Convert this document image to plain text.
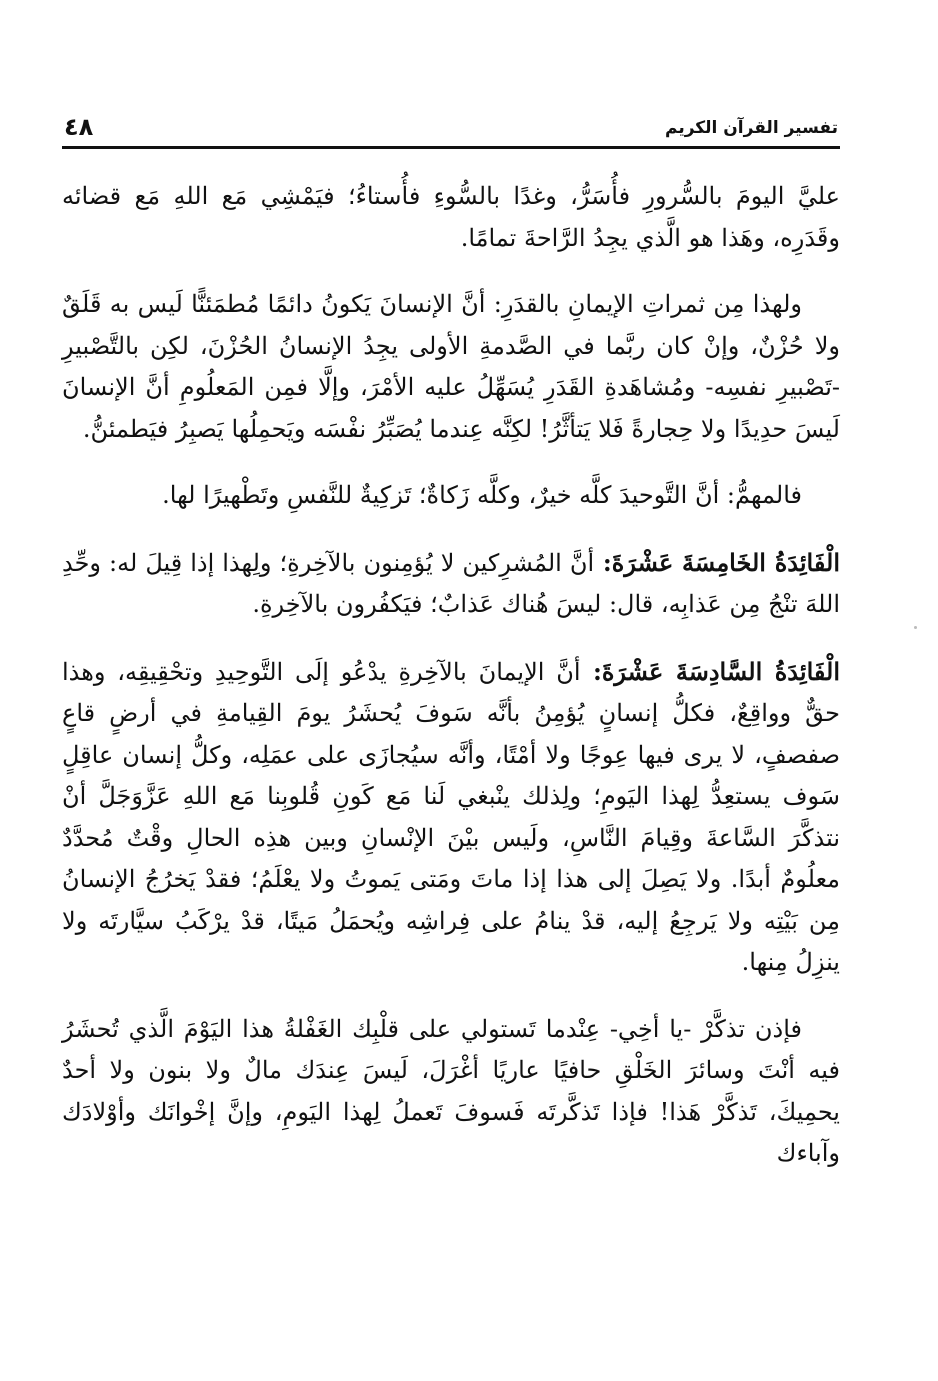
٤٨	تفسير القرآن الكريم

عليَّ اليومَ بالسُّرورِ فأُسَرُّ، وغدًا بالسُّوءِ فأُستاءُ؛ فيَمْشِي مَع اللهِ مَع قضائه وقَدَرِه، وهَذا هو الَّذي يجِدُ الرَّاحةَ تمامًا.

ولهذا مِن ثمراتِ الإيمانِ بالقدَرِ: أنَّ الإنسانَ يَكونُ دائمًا مُطمَئنًّا لَيس به قَلَقٌ ولا حُزْنٌ، وإنْ كان ربَّما في الصَّدمةِ الأولى يجِدُ الإنسانُ الحُزْنَ، لكِن بالتَّصْبيرِ -تَصْبيرِ نفسِه- ومُشاهَدةِ القَدَرِ يُسَهِّلُ عليه الأمْرَ، وإلَّا فمِن المَعلُومِ أنَّ الإنسانَ لَيسَ حدِيدًا ولا حِجارةً فَلا يَتأثَّرُ! لكِنَّه عِندما يُصَبِّرُ نفْسَه ويَحمِلُها يَصبِرُ فيَطمئنُّ.

فالمهمُّ: أنَّ التَّوحيدَ كلَّه خيرٌ، وكلَّه زَكاةٌ؛ تَزكِيةٌ للنَّفسِ وتَطْهيرًا لها.

الْفَائِدَةُ الخَامِسَةَ عَشْرَةَ: أنَّ المُشرِكين لا يُؤمِنون بالآخِرةِ؛ ولِهذا إذا قِيلَ له: وحِّدِ اللهَ تنْجُ مِن عَذابِه، قال: ليسَ هُناك عَذابٌ؛ فيَكفُرون بالآخِرةِ.

الْفَائِدَةُ السَّادِسَةَ عَشْرَةَ: أنَّ الإيمانَ بالآخِرةِ يدْعُو إلَى التَّوحِيدِ وتحْقِيقِه، وهذا حقٌّ وواقِعٌ، فكلُّ إنسانٍ يُؤمِنُ بأنَّه سَوفَ يُحشَرُ يومَ القِيامةِ في أرضٍ قاعٍ صفصفٍ، لا يرى فيها عِوجًا ولا أمْتًا، وأنَّه سيُجازَى على عمَلِه، وكلُّ إنسان عاقِلٍ سَوف يستعِدُّ لِهذا اليَومِ؛ ولِذلك ينْبغي لَنا مَع كَونِ قُلوبِنا مَع اللهِ عَزَّوَجَلَّ أنْ نتذكَّرَ السَّاعةَ وقِيامَ النَّاسِ، ولَيس بيْنَ الإنْسانِ وبين هذِه الحالِ وقْتٌ مُحدَّدٌ معلُومٌ أبدًا. ولا يَصِلَ إلى هذا إذا ماتَ ومَتى يَموتُ ولا يعْلَمُ؛ فقدْ يَخرُجُ الإنسانُ مِن بَيْتِه ولا يَرجِعُ إليه، قدْ ينامُ على فِراشِه ويُحمَلُ مَيتًا، قدْ يرْكَبُ سيَّارتَه ولا ينزِلُ مِنها.

فإذن تذكَّرْ -يا أخِي- عِنْدما تَستولي على قلْبِك الغَفْلةُ هذا اليَوْمَ الَّذي تُحشَرُ فيه أنْتَ وسائرَ الخَلْقِ حافيًا عاريًا أغْرَلَ، لَيسَ عِندَك مالٌ ولا بنون ولا أحدٌ يحمِيكَ، تَذكَّرْ هَذا! فإذا تَذكَّرتَه فَسوفَ تَعملُ لِهذا اليَومِ، وإنَّ إخْوانَك وأوْلادَك وآباءك
